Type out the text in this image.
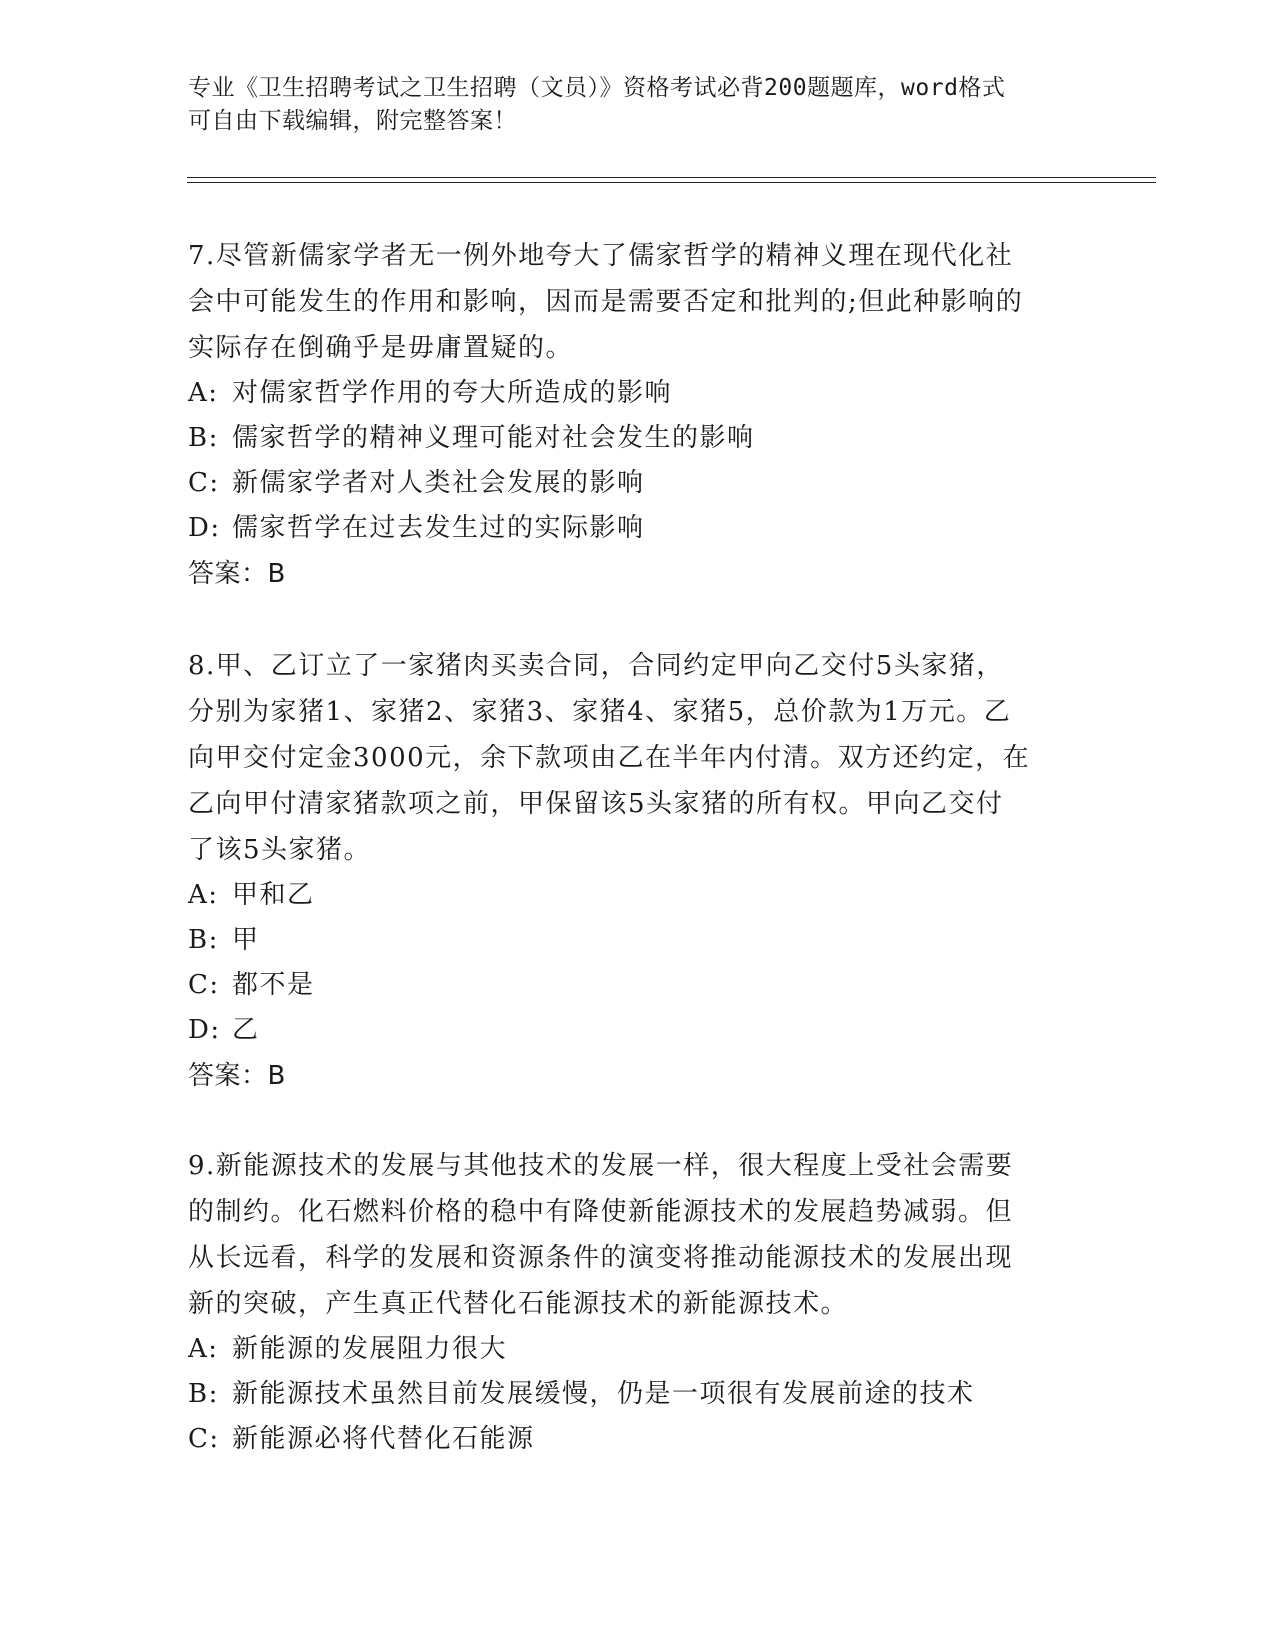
专业《卫生招聘考试之卫生招聘（文员）》资格考试必背200题题库，word格式
可自由下载编辑，附完整答案！
7.尽管新儒家学者无一例外地夸大了儒家哲学的精神义理在现代化社
会中可能发生的作用和影响，因而是需要否定和批判的;但此种影响的
实际存在倒确乎是毋庸置疑的。
A: 对儒家哲学作用的夸大所造成的影响
B: 儒家哲学的精神义理可能对社会发生的影响
C: 新儒家学者对人类社会发展的影响
D: 儒家哲学在过去发生过的实际影响
答案：B
8.甲、乙订立了一家猪肉买卖合同，合同约定甲向乙交付5头家猪，
分别为家猪1、家猪2、家猪3、家猪4、家猪5，总价款为1万元。乙
向甲交付定金3000元，余下款项由乙在半年内付清。双方还约定，在
乙向甲付清家猪款项之前，甲保留该5头家猪的所有权。甲向乙交付
了该5头家猪。
A: 甲和乙
B: 甲
C: 都不是
D: 乙
答案：B
9.新能源技术的发展与其他技术的发展一样，很大程度上受社会需要
的制约。化石燃料价格的稳中有降使新能源技术的发展趋势减弱。但
从长远看，科学的发展和资源条件的演变将推动能源技术的发展出现
新的突破，产生真正代替化石能源技术的新能源技术。
A: 新能源的发展阻力很大
B: 新能源技术虽然目前发展缓慢，仍是一项很有发展前途的技术
C: 新能源必将代替化石能源
